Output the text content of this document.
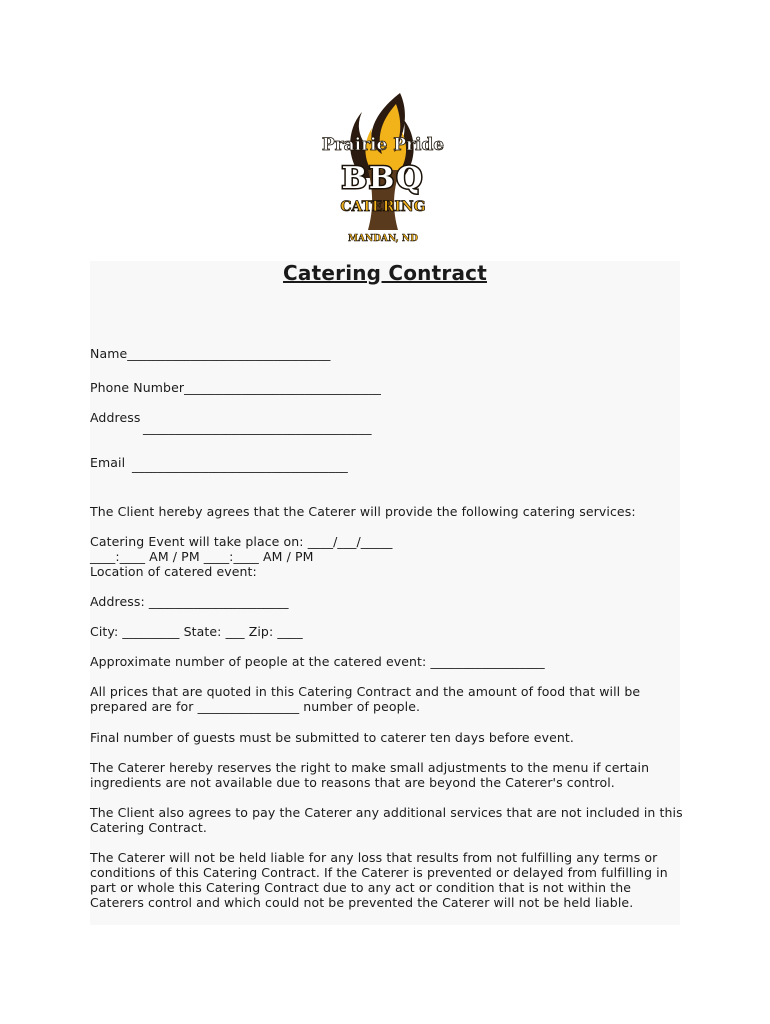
Prairie Pride
BBQ
CATERING
MANDAN, ND
Catering Contract
Name________________________________
Phone Number_______________________________
Address
____________________________________
Email __________________________________
The Client hereby agrees that the Caterer will provide the following catering services:
Catering Event will take place on: ____/___/_____
____:____ AM / PM ____:____ AM / PM
Location of catered event:
Address: ______________________
City: _________ State: ___ Zip: ____
Approximate number of people at the catered event: __________________
All prices that are quoted in this Catering Contract and the amount of food that will be
prepared are for ________________ number of people.
Final number of guests must be submitted to caterer ten days before event.
The Caterer hereby reserves the right to make small adjustments to the menu if certain
ingredients are not available due to reasons that are beyond the Caterer's control.
The Client also agrees to pay the Caterer any additional services that are not included in this
Catering Contract.
The Caterer will not be held liable for any loss that results from not fulfilling any terms or
conditions of this Catering Contract. If the Caterer is prevented or delayed from fulfilling in
part or whole this Catering Contract due to any act or condition that is not within the
Caterers control and which could not be prevented the Caterer will not be held liable.
